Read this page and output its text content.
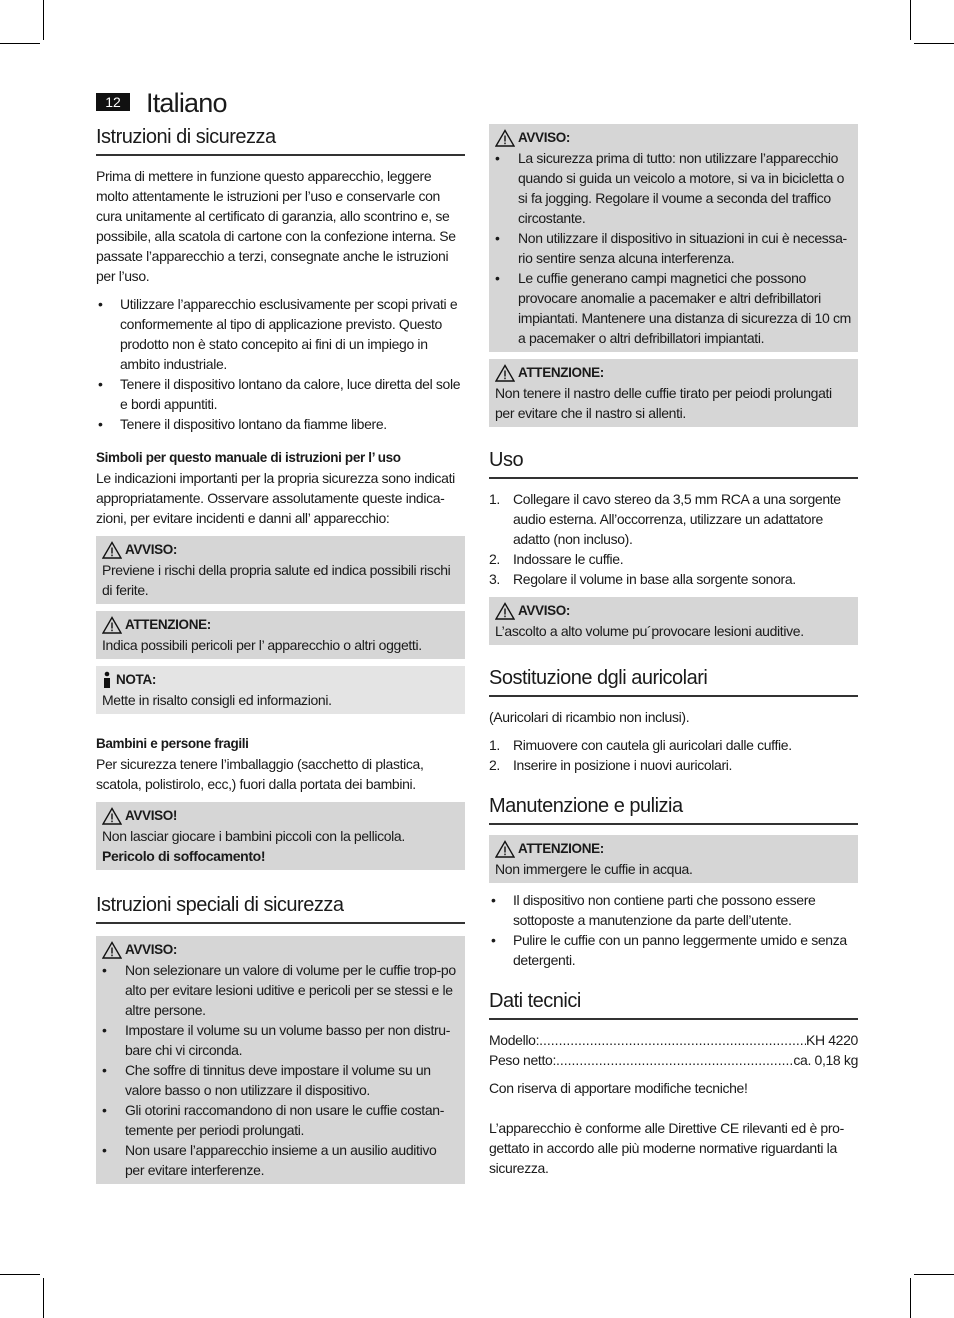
12 Italiano
Istruzioni di sicurezza

Prima di mettere in funzione questo apparecchio, leggere molto attentamente le istruzioni per l’uso e conservarle con cura unitamente al certificato di garanzia, allo scontrino e, se possibile, alla scatola di cartone con la confezione interna. Se passate l’apparecchio a terzi, consegnate anche le istruzioni per l’uso.

• Utilizzare l’apparecchio esclusivamente per scopi privati e conformemente al tipo di applicazione previsto. Questo prodotto non è stato concepito ai fini di un impiego in ambito industriale.
• Tenere il dispositivo lontano da calore, luce diretta del sole e bordi appuntiti.
• Tenere il dispositivo lontano da fiamme libere.
Simboli per questo manuale di istruzioni per l’ uso

Le indicazioni importanti per la propria sicurezza sono indicati appropriatamente. Osservare assolutamente queste indica-zioni, per evitare incidenti e danni all’ apparecchio:

AVVISO:
Previene i rischi della propria salute ed indica possibili rischi di ferite.
ATTENZIONE:
Indica possibili pericoli per l’ apparecchio o altri oggetti.
NOTA:
Mette in risalto consigli ed informazioni.
Bambini e persone fragili

Per sicurezza tenere l’imballaggio (sacchetto di plastica, scatola, polistirolo, ecc,) fuori dalla portata dei bambini.

AVVISO!
Non lasciar giocare i bambini piccoli con la pellicola.
Pericolo di soffocamento!
Istruzioni speciali di sicurezza
AVVISO:
• Non selezionare un valore di volume per le cuffie trop-po alto per evitare lesioni uditive e pericoli per se stessi e le altre persone.
• Impostare il volume su un volume basso per non distru-bare chi vi circonda.
• Che soffre di tinnitus deve impostare il volume su un valore basso o non utilizzare il dispositivo.
• Gli otorini raccomandono di non usare le cuffie costan-temente per periodi prolungati.
• Non usare l’apparecchio insieme a un ausilio auditivo per evitare interferenze.
AVVISO:
• La sicurezza prima di tutto: non utilizzare l’apparecchio quando si guida un veicolo a motore, si va in bicicletta o si fa jogging. Regolare il voume a seconda del traffico circostante.
• Non utilizzare il dispositivo in situazioni in cui è necessa-rio sentire senza alcuna interferenza.
• Le cuffie generano campi magnetici che possono provocare anomalie a pacemaker e altri defribillatori impiantati. Mantenere una distanza di sicurezza di 10 cm a pacemaker o altri defribillatori impiantati.
ATTENZIONE:
Non tenere il nastro delle cuffie tirato per peiodi prolungati per evitare che il nastro si allenti.
Uso
1. Collegare il cavo stereo da 3,5 mm RCA a una sorgente audio esterna. All’occorrenza, utilizzare un adattatore adatto (non incluso).
2. Indossare le cuffie.
3. Regolare il volume in base alla sorgente sonora.
AVVISO:
L’ascolto a alto volume pu´provocare lesioni auditive.
Sostituzione dgli auricolari

(Auricolari di ricambio non inclusi).

1. Rimuovere con cautela gli auricolari dalle cuffie.
2. Inserire in posizione i nuovi auricolari.
Manutenzione e pulizia
ATTENZIONE:
Non immergere le cuffie in acqua.
• Il dispositivo non contiene parti che possono essere sottoposte a manutenzione da parte dell’utente.
• Pulire le cuffie con un panno leggermente umido e senza detergenti.
Dati tecnici
Modello: .....	KH 4220
Peso netto: .....	ca. 0,18 kg

Con riserva di apportare modifiche tecniche!

L’apparecchio è conforme alle Direttive CE rilevanti ed è pro-gettato in accordo alle più moderne normative riguardanti la sicurezza.
